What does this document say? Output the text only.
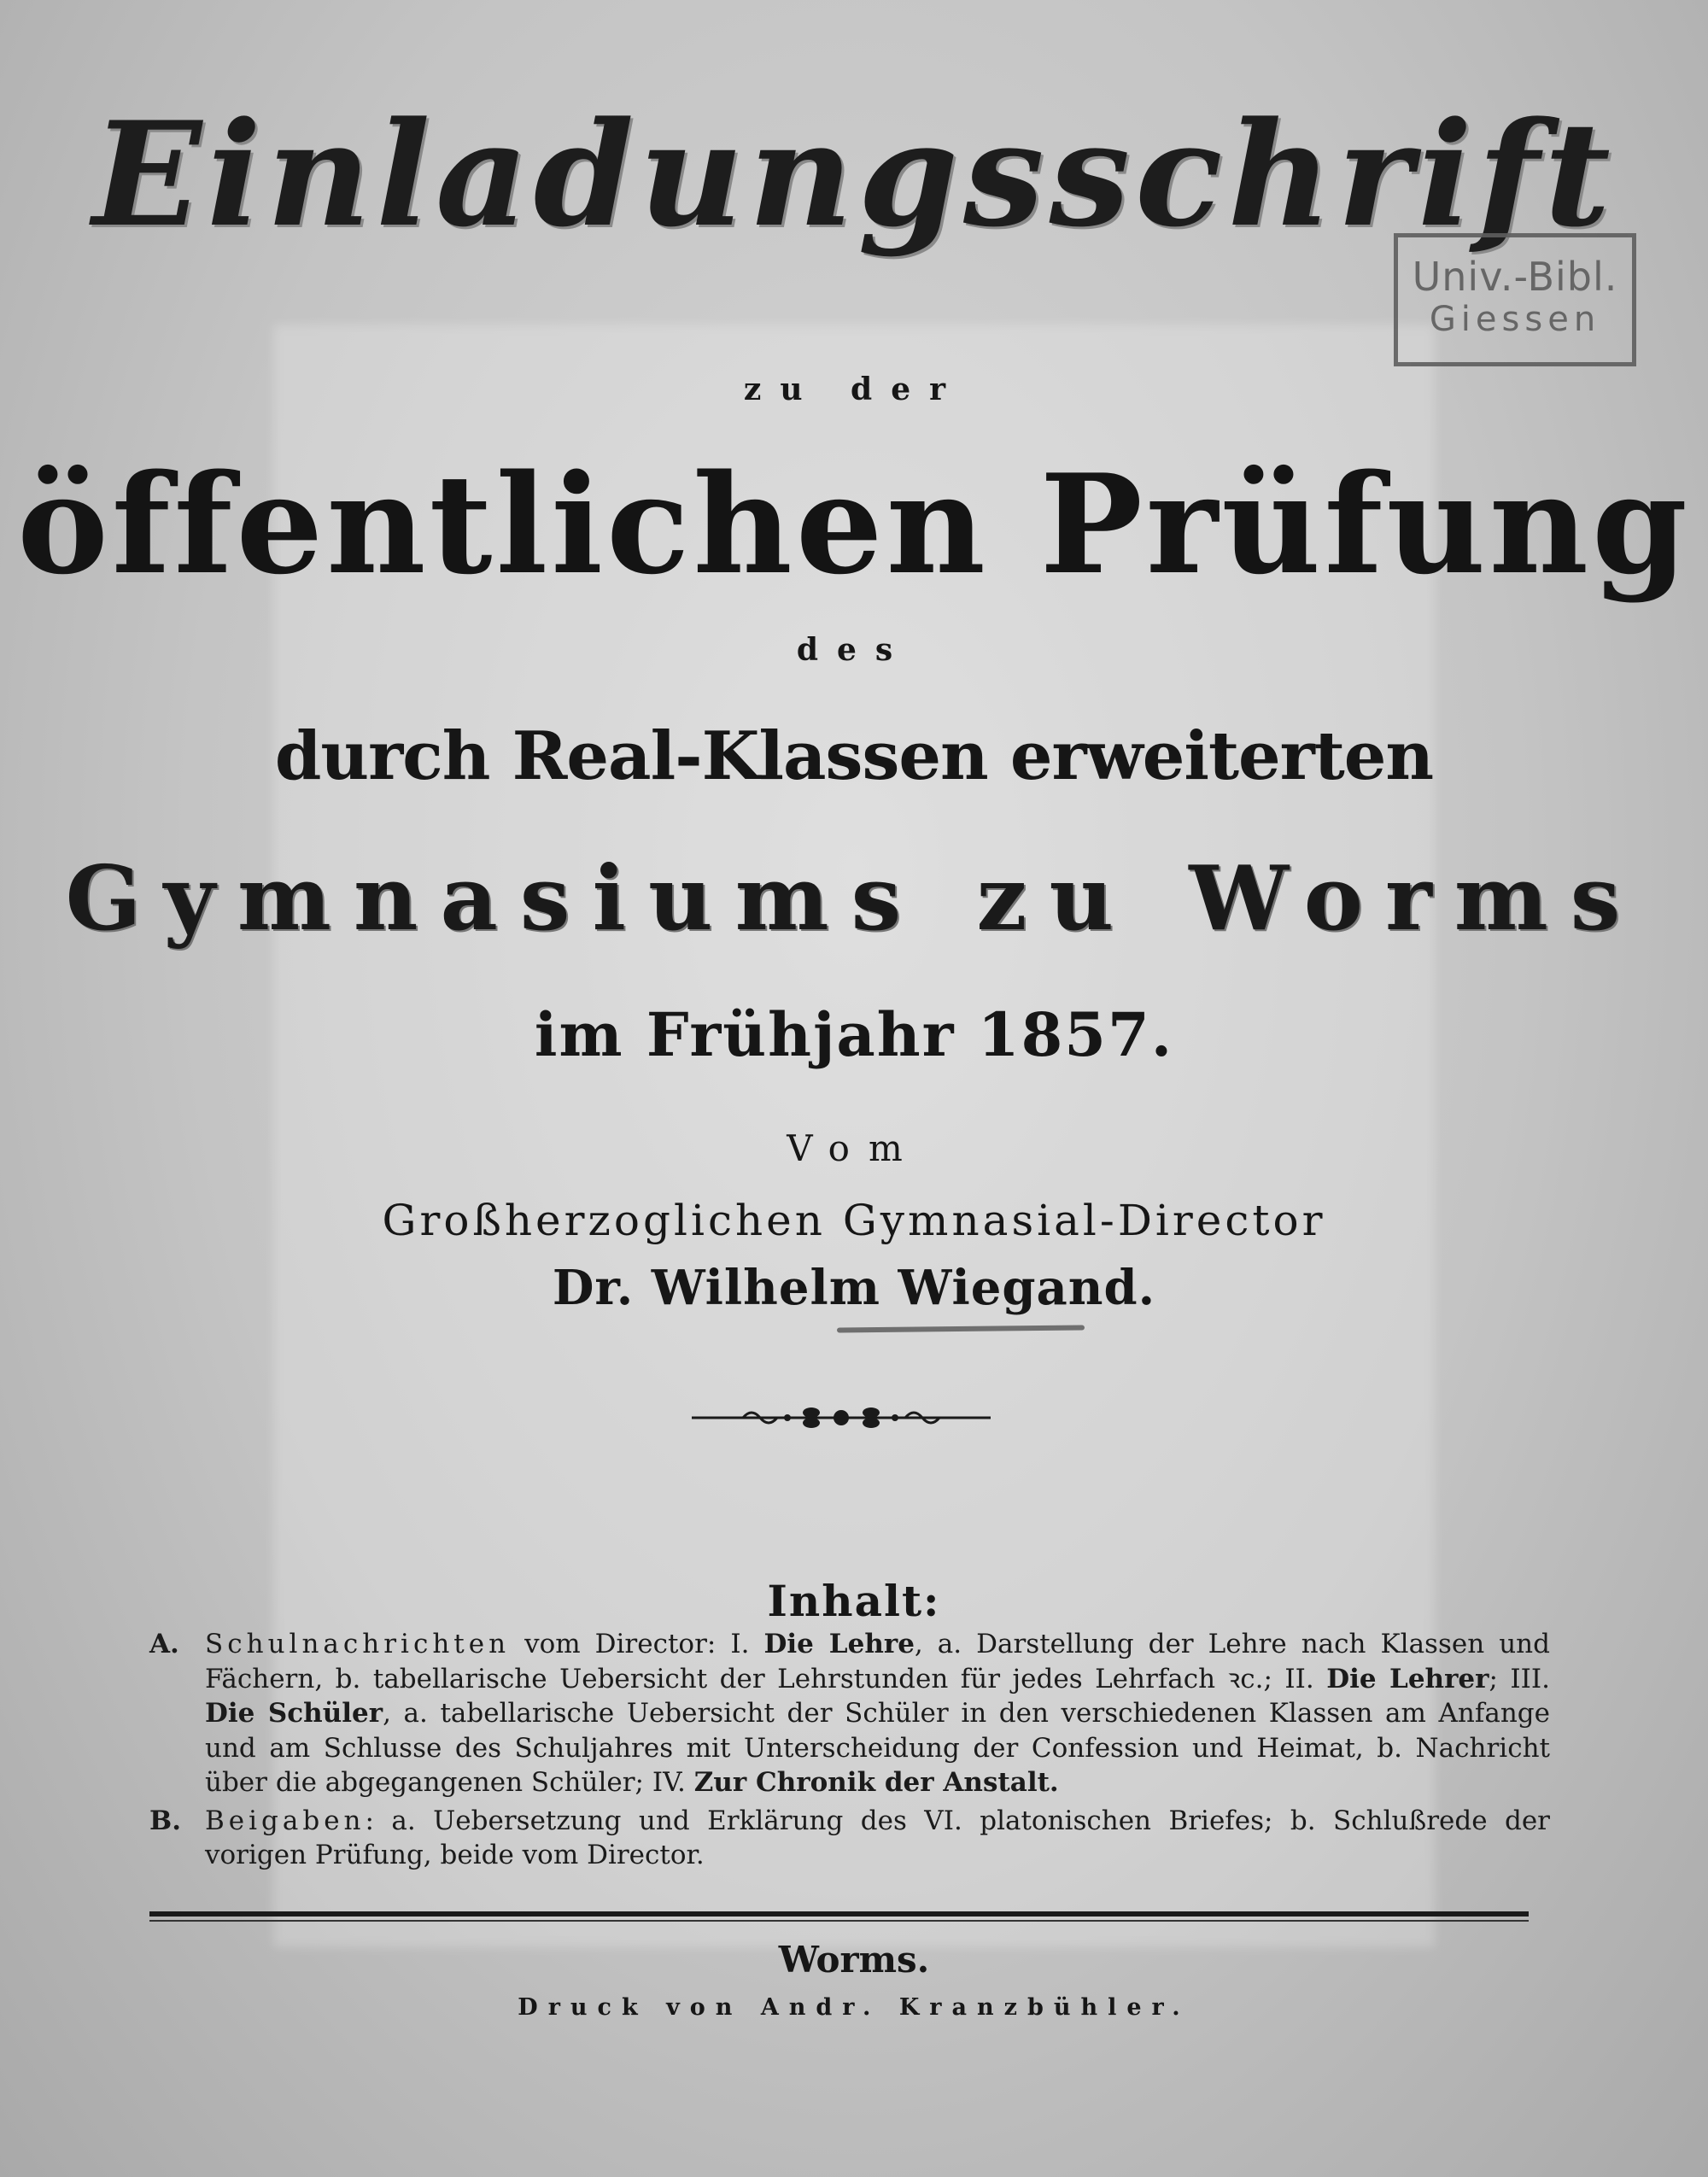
Einladungsschrift
Univ.-Bibl.
Giessen
zu der
öffentlichen Prüfung
des
durch Real-Klassen erweiterten
Gymnasiums zu Worms
im Frühjahr 1857.
Vom
Großherzoglichen Gymnasial-Director
Dr. Wilhelm Wiegand.
Inhalt:
A. Schulnachrichten vom Director: I. Die Lehre, a. Darstellung der Lehre nach Klassen und Fächern, b. tabellarische Uebersicht der Lehrstunden für jedes Lehrfach ꝛc.; II. Die Lehrer; III. Die Schüler, a. tabellarische Uebersicht der Schüler in den verschiedenen Klassen am Anfange und am Schlusse des Schuljahres mit Unterscheidung der Confession und Heimat, b. Nachricht über die abgegangenen Schüler; IV. Zur Chronik der Anstalt.
B. Beigaben: a. Uebersetzung und Erklärung des VI. platonischen Briefes; b. Schlußrede der vorigen Prüfung, beide vom Director.
Worms.
Druck von Andr. Kranzbühler.
